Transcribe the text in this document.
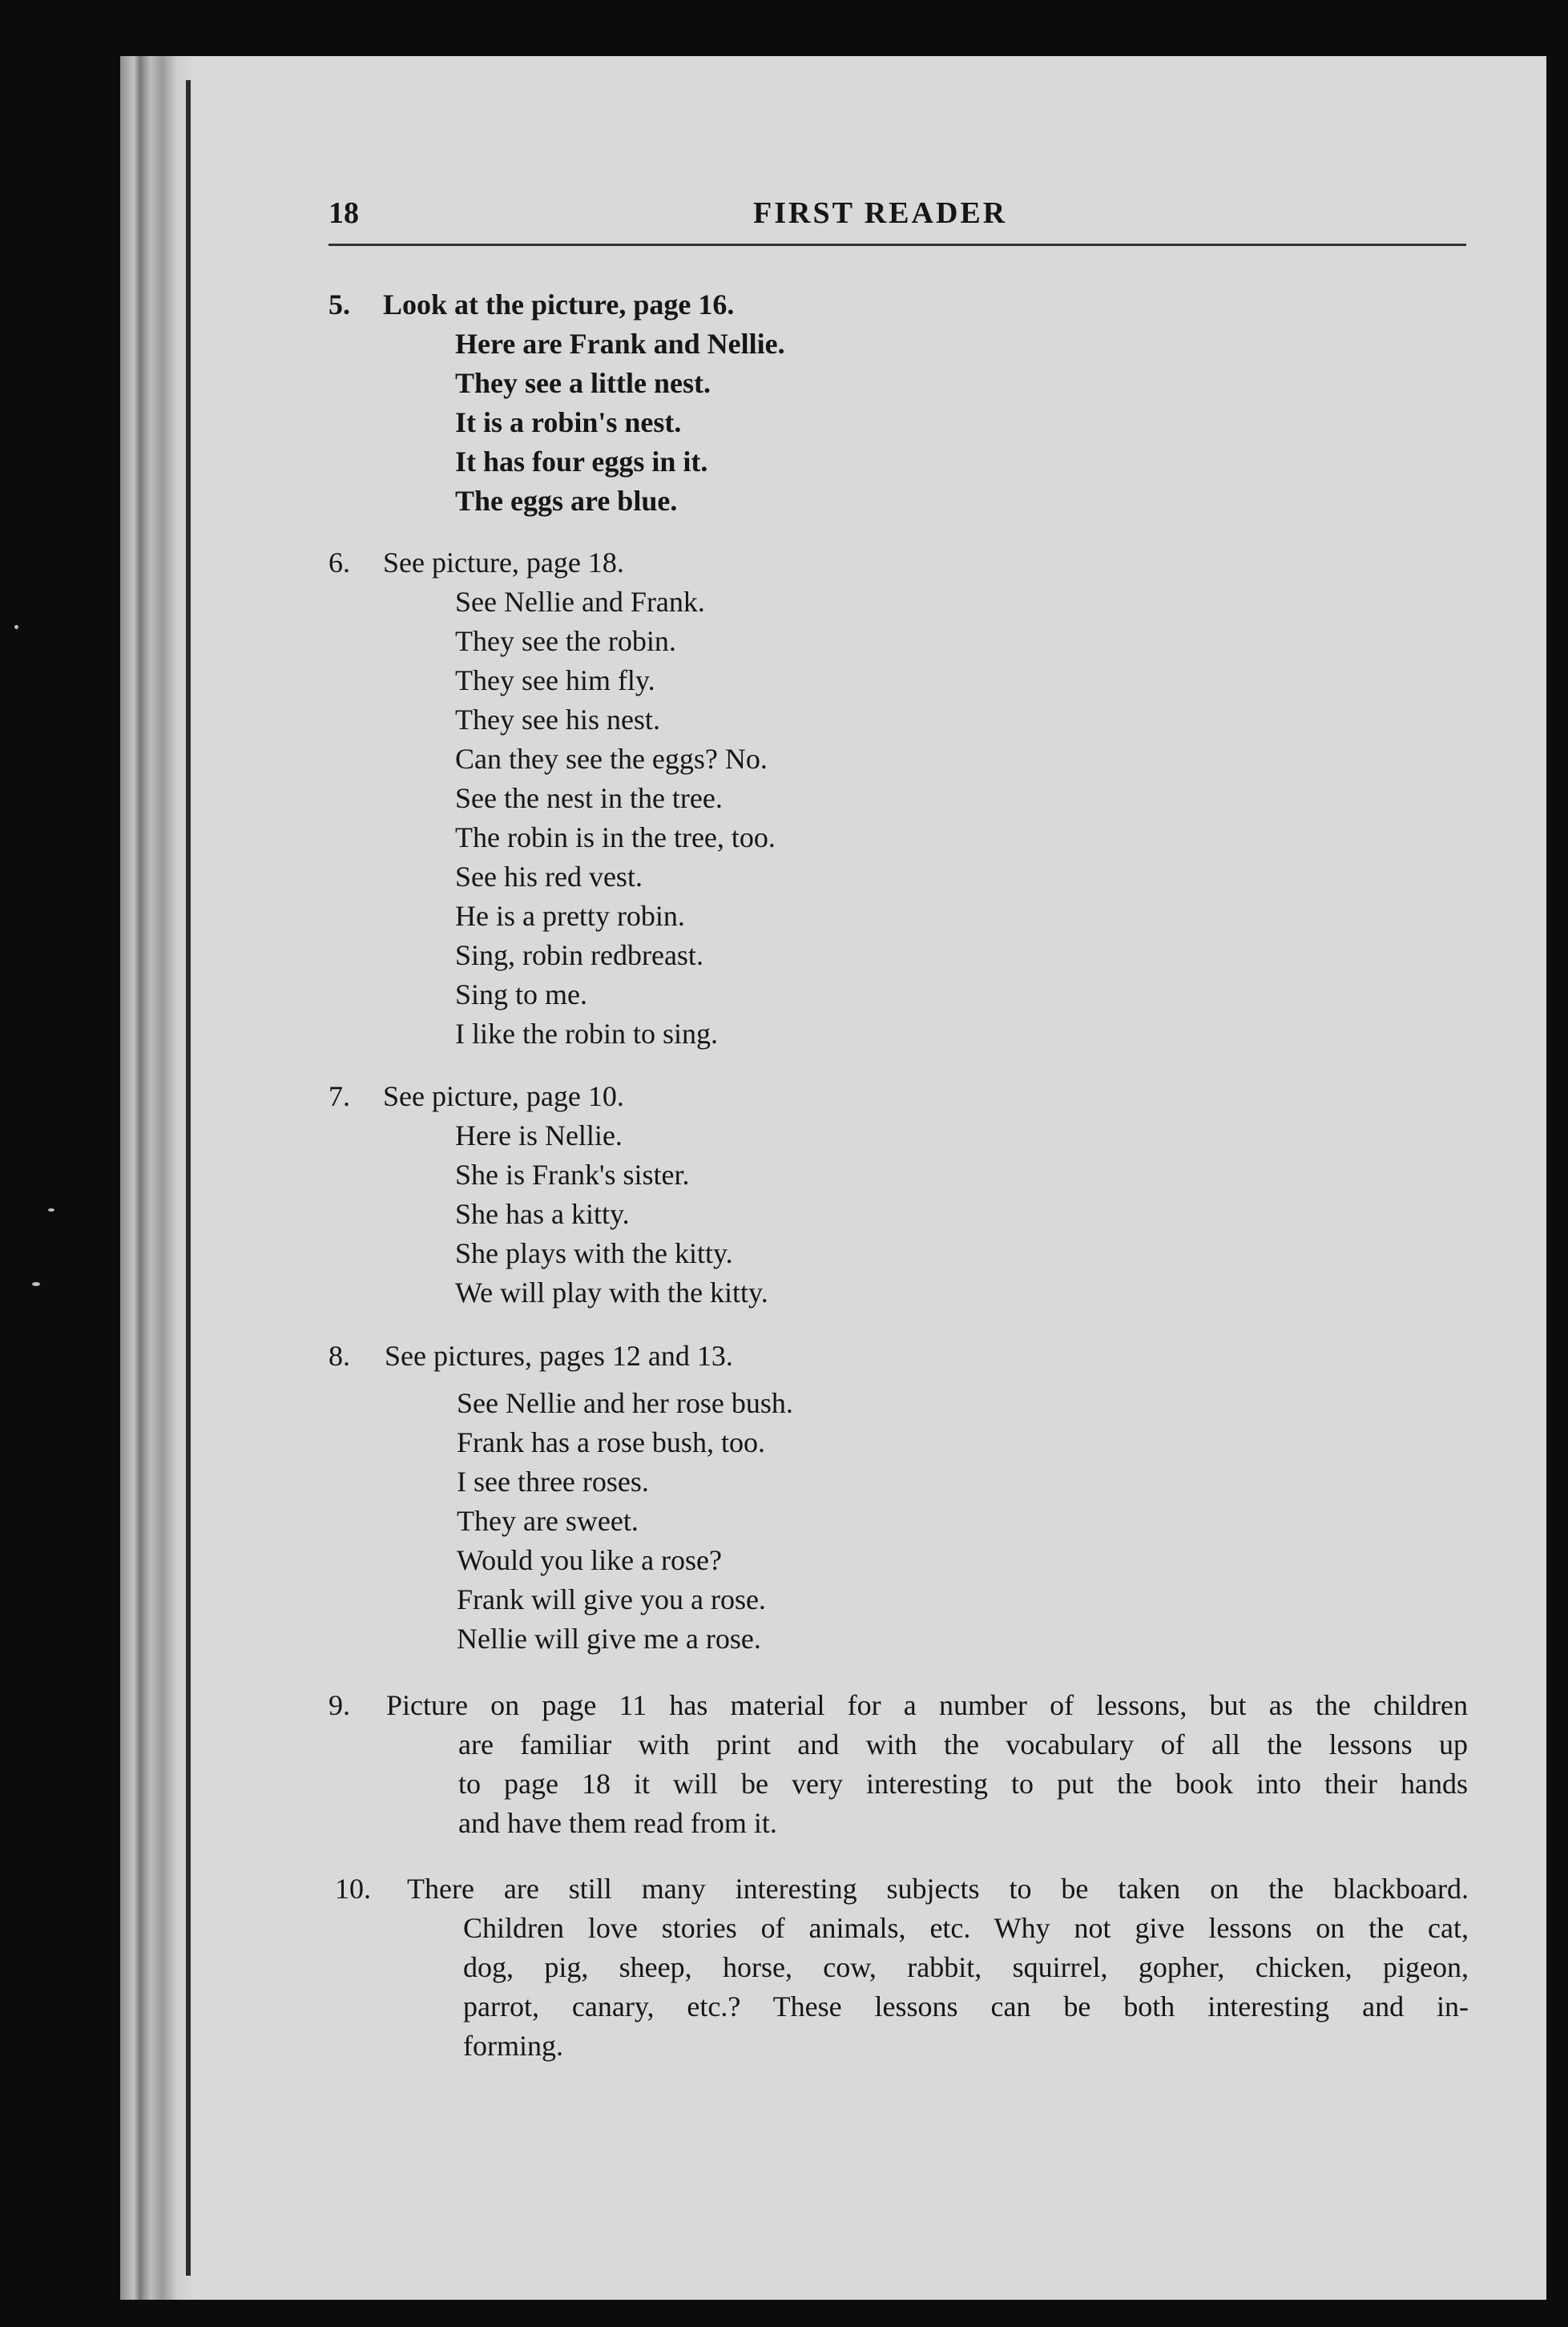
18	FIRST READER
5. Look at the picture, page 16.
Here are Frank and Nellie.
They see a little nest.
It is a robin's nest.
It has four eggs in it.
The eggs are blue.
6. See picture, page 18.
See Nellie and Frank.
They see the robin.
They see him fly.
They see his nest.
Can they see the eggs? No.
See the nest in the tree.
The robin is in the tree, too.
See his red vest.
He is a pretty robin.
Sing, robin redbreast.
Sing to me.
I like the robin to sing.
7. See picture, page 10.
Here is Nellie.
She is Frank's sister.
She has a kitty.
She plays with the kitty.
We will play with the kitty.
8. See pictures, pages 12 and 13.
See Nellie and her rose bush.
Frank has a rose bush, too.
I see three roses.
They are sweet.
Would you like a rose?
Frank will give you a rose.
Nellie will give me a rose.
9. Picture on page 11 has material for a number of lessons, but as the children
are familiar with print and with the vocabulary of all the lessons up
to page 18 it will be very interesting to put the book into their hands
and have them read from it.
10. There are still many interesting subjects to be taken on the blackboard.
Children love stories of animals, etc. Why not give lessons on the cat,
dog, pig, sheep, horse, cow, rabbit, squirrel, gopher, chicken, pigeon,
parrot, canary, etc.? These lessons can be both interesting and in-
forming.
